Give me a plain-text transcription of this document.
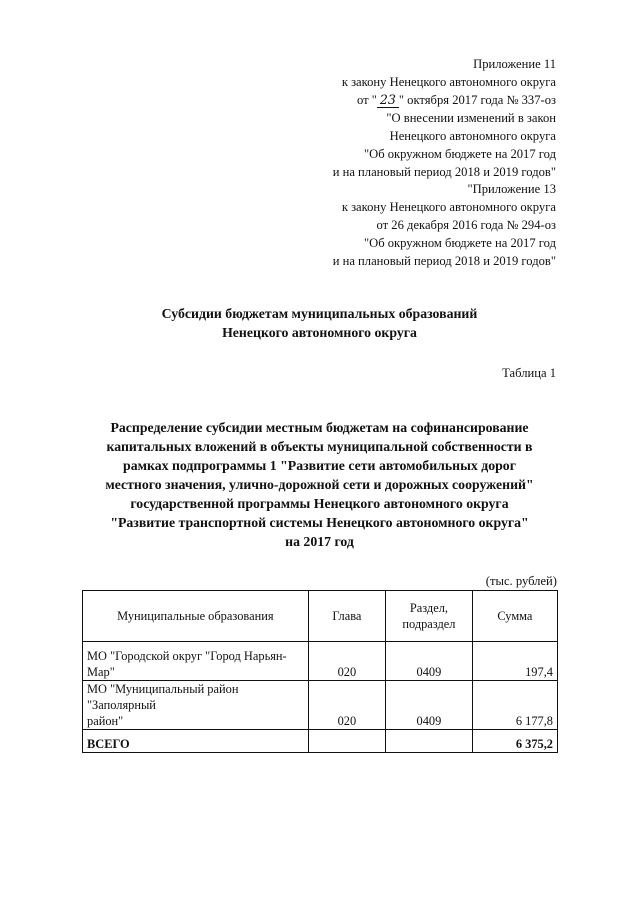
Приложение 11
к закону Ненецкого автономного округа
от " 23 " октября 2017 года № 337-оз
"О внесении изменений в закон
Ненецкого автономного округа
"Об окружном бюджете на 2017 год
и на плановый период 2018 и 2019 годов"
"Приложение 13
к закону Ненецкого автономного округа
от 26 декабря 2016 года № 294-оз
"Об окружном бюджете на 2017 год
и на плановый период 2018 и 2019 годов"
Субсидии бюджетам муниципальных образований
Ненецкого автономного округа
Таблица 1
Распределение субсидии местным бюджетам на софинансирование
капитальных вложений в объекты муниципальной собственности в
рамках подпрограммы 1 "Развитие сети автомобильных дорог
местного значения, улично-дорожной сети и дорожных сооружений"
государственной программы Ненецкого автономного округа
"Развитие транспортной системы Ненецкого автономного округа"
на 2017 год
(тыс. рублей)
Муниципальные образования	Глава	Раздел,
подраздел	Сумма
МО "Городской округ "Город Нарьян-
Мар"	020	0409	197,4
МО "Муниципальный район "Заполярный
район"	020	0409	6 177,8
ВСЕГО			6 375,2
